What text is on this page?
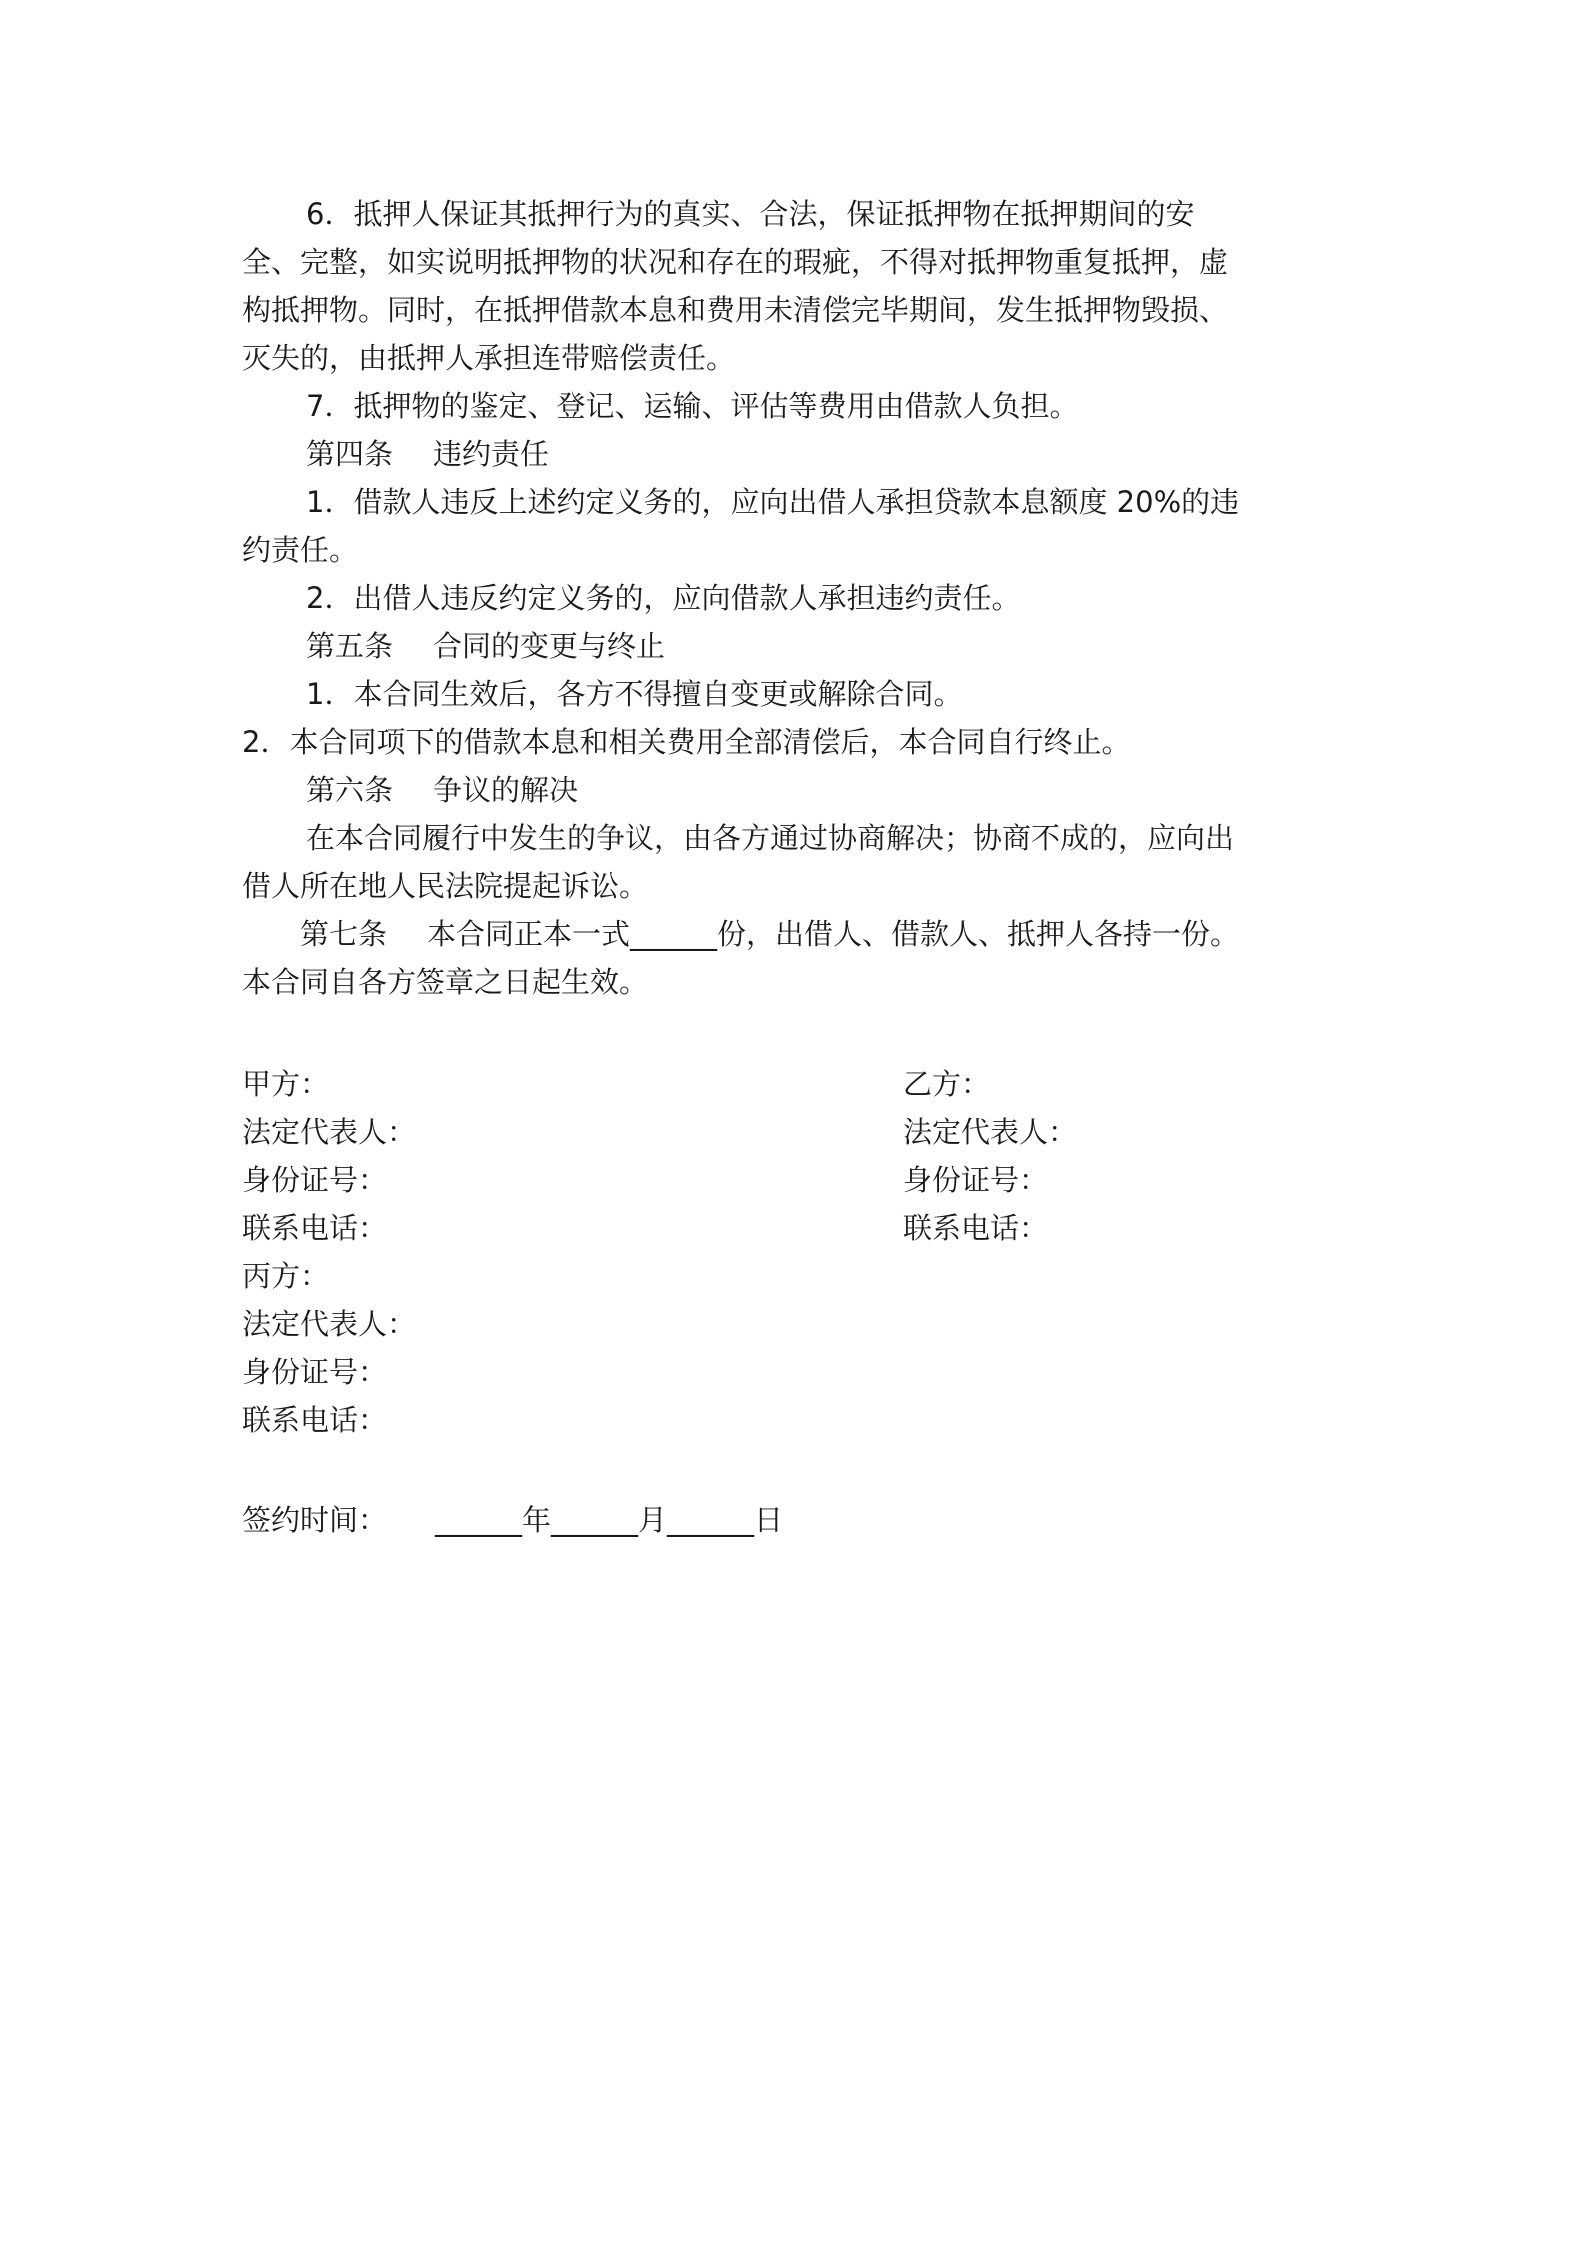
6．抵押人保证其抵押行为的真实、合法，保证抵押物在抵押期间的安

全、完整，如实说明抵押物的状况和存在的瑕疵，不得对抵押物重复抵押，虚

构抵押物。同时，在抵押借款本息和费用未清偿完毕期间，发生抵押物毁损、

灭失的，由抵押人承担连带赔偿责任。

7．抵押物的鉴定、登记、运输、评估等费用由借款人负担。

第四条 违约责任

1．借款人违反上述约定义务的，应向出借人承担贷款本息额度 20%的违

约责任。

2．出借人违反约定义务的，应向借款人承担违约责任。

第五条 合同的变更与终止

1．本合同生效后，各方不得擅自变更或解除合同。

2．本合同项下的借款本息和相关费用全部清偿后，本合同自行终止。

第六条 争议的解决

在本合同履行中发生的争议，由各方通过协商解决；协商不成的，应向出

借人所在地人民法院提起诉讼。

第七条 本合同正本一式______份，出借人、借款人、抵押人各持一份。

本合同自各方签章之日起生效。

甲方：

法定代表人：

身份证号：

联系电话：

丙方：

法定代表人：

身份证号：

联系电话：

乙方：

法定代表人：

身份证号：

联系电话：

签约时间： ______年______月______日
